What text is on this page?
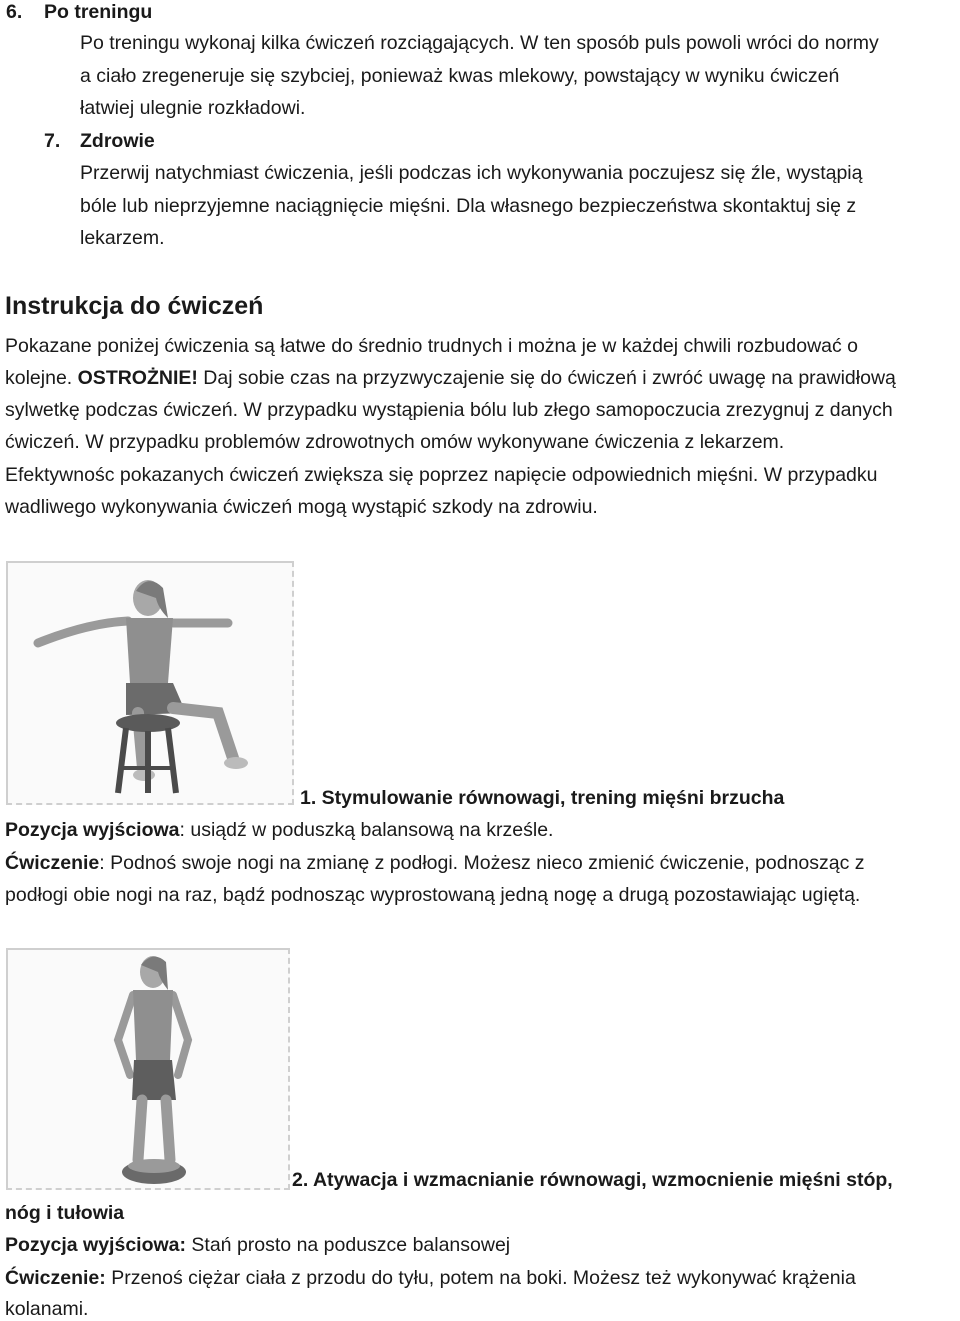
6. Po treningu
Po treningu wykonaj kilka ćwiczeń rozciągających. W ten sposób puls powoli wróci do normy
a ciało zregeneruje się szybciej, ponieważ kwas mlekowy, powstający w wyniku ćwiczeń
łatwiej ulegnie rozkładowi.
7. Zdrowie
Przerwij natychmiast ćwiczenia, jeśli podczas ich wykonywania poczujesz się źle, wystąpią
bóle lub nieprzyjemne naciągnięcie mięśni. Dla własnego bezpieczeństwa skontaktuj się z
lekarzem.
Instrukcja do ćwiczeń
Pokazane poniżej ćwiczenia są łatwe do średnio trudnych i można je w każdej chwili rozbudować o
kolejne. OSTROŻNIE! Daj sobie czas na przyzwyczajenie się do ćwiczeń i zwróć uwagę na prawidłową
sylwetkę podczas ćwiczeń. W przypadku wystąpienia bólu lub złego samopoczucia zrezygnuj z danych
ćwiczeń. W przypadku problemów zdrowotnych omów wykonywane ćwiczenia z lekarzem.
Efektywnośc pokazanych ćwiczeń zwiększa się poprzez napięcie odpowiednich mięśni. W przypadku
wadliwego wykonywania ćwiczeń mogą wystąpić szkody na zdrowiu.
1. Stymulowanie równowagi, trening mięśni brzucha
Pozycja wyjściowa: usiądź w poduszką balansową na krześle.
Ćwiczenie: Podnoś swoje nogi na zmianę z podłogi. Możesz nieco zmienić ćwiczenie, podnosząc z
podłogi obie nogi na raz, bądź podnosząc wyprostowaną jedną nogę a drugą pozostawiając ugiętą.
2. Atywacja i wzmacnianie równowagi, wzmocnienie mięśni stóp,
nóg i tułowia
Pozycja wyjściowa: Stań prosto na poduszce balansowej
Ćwiczenie: Przenoś ciężar ciała z przodu do tyłu, potem na boki. Możesz też wykonywać krążenia
kolanami.
